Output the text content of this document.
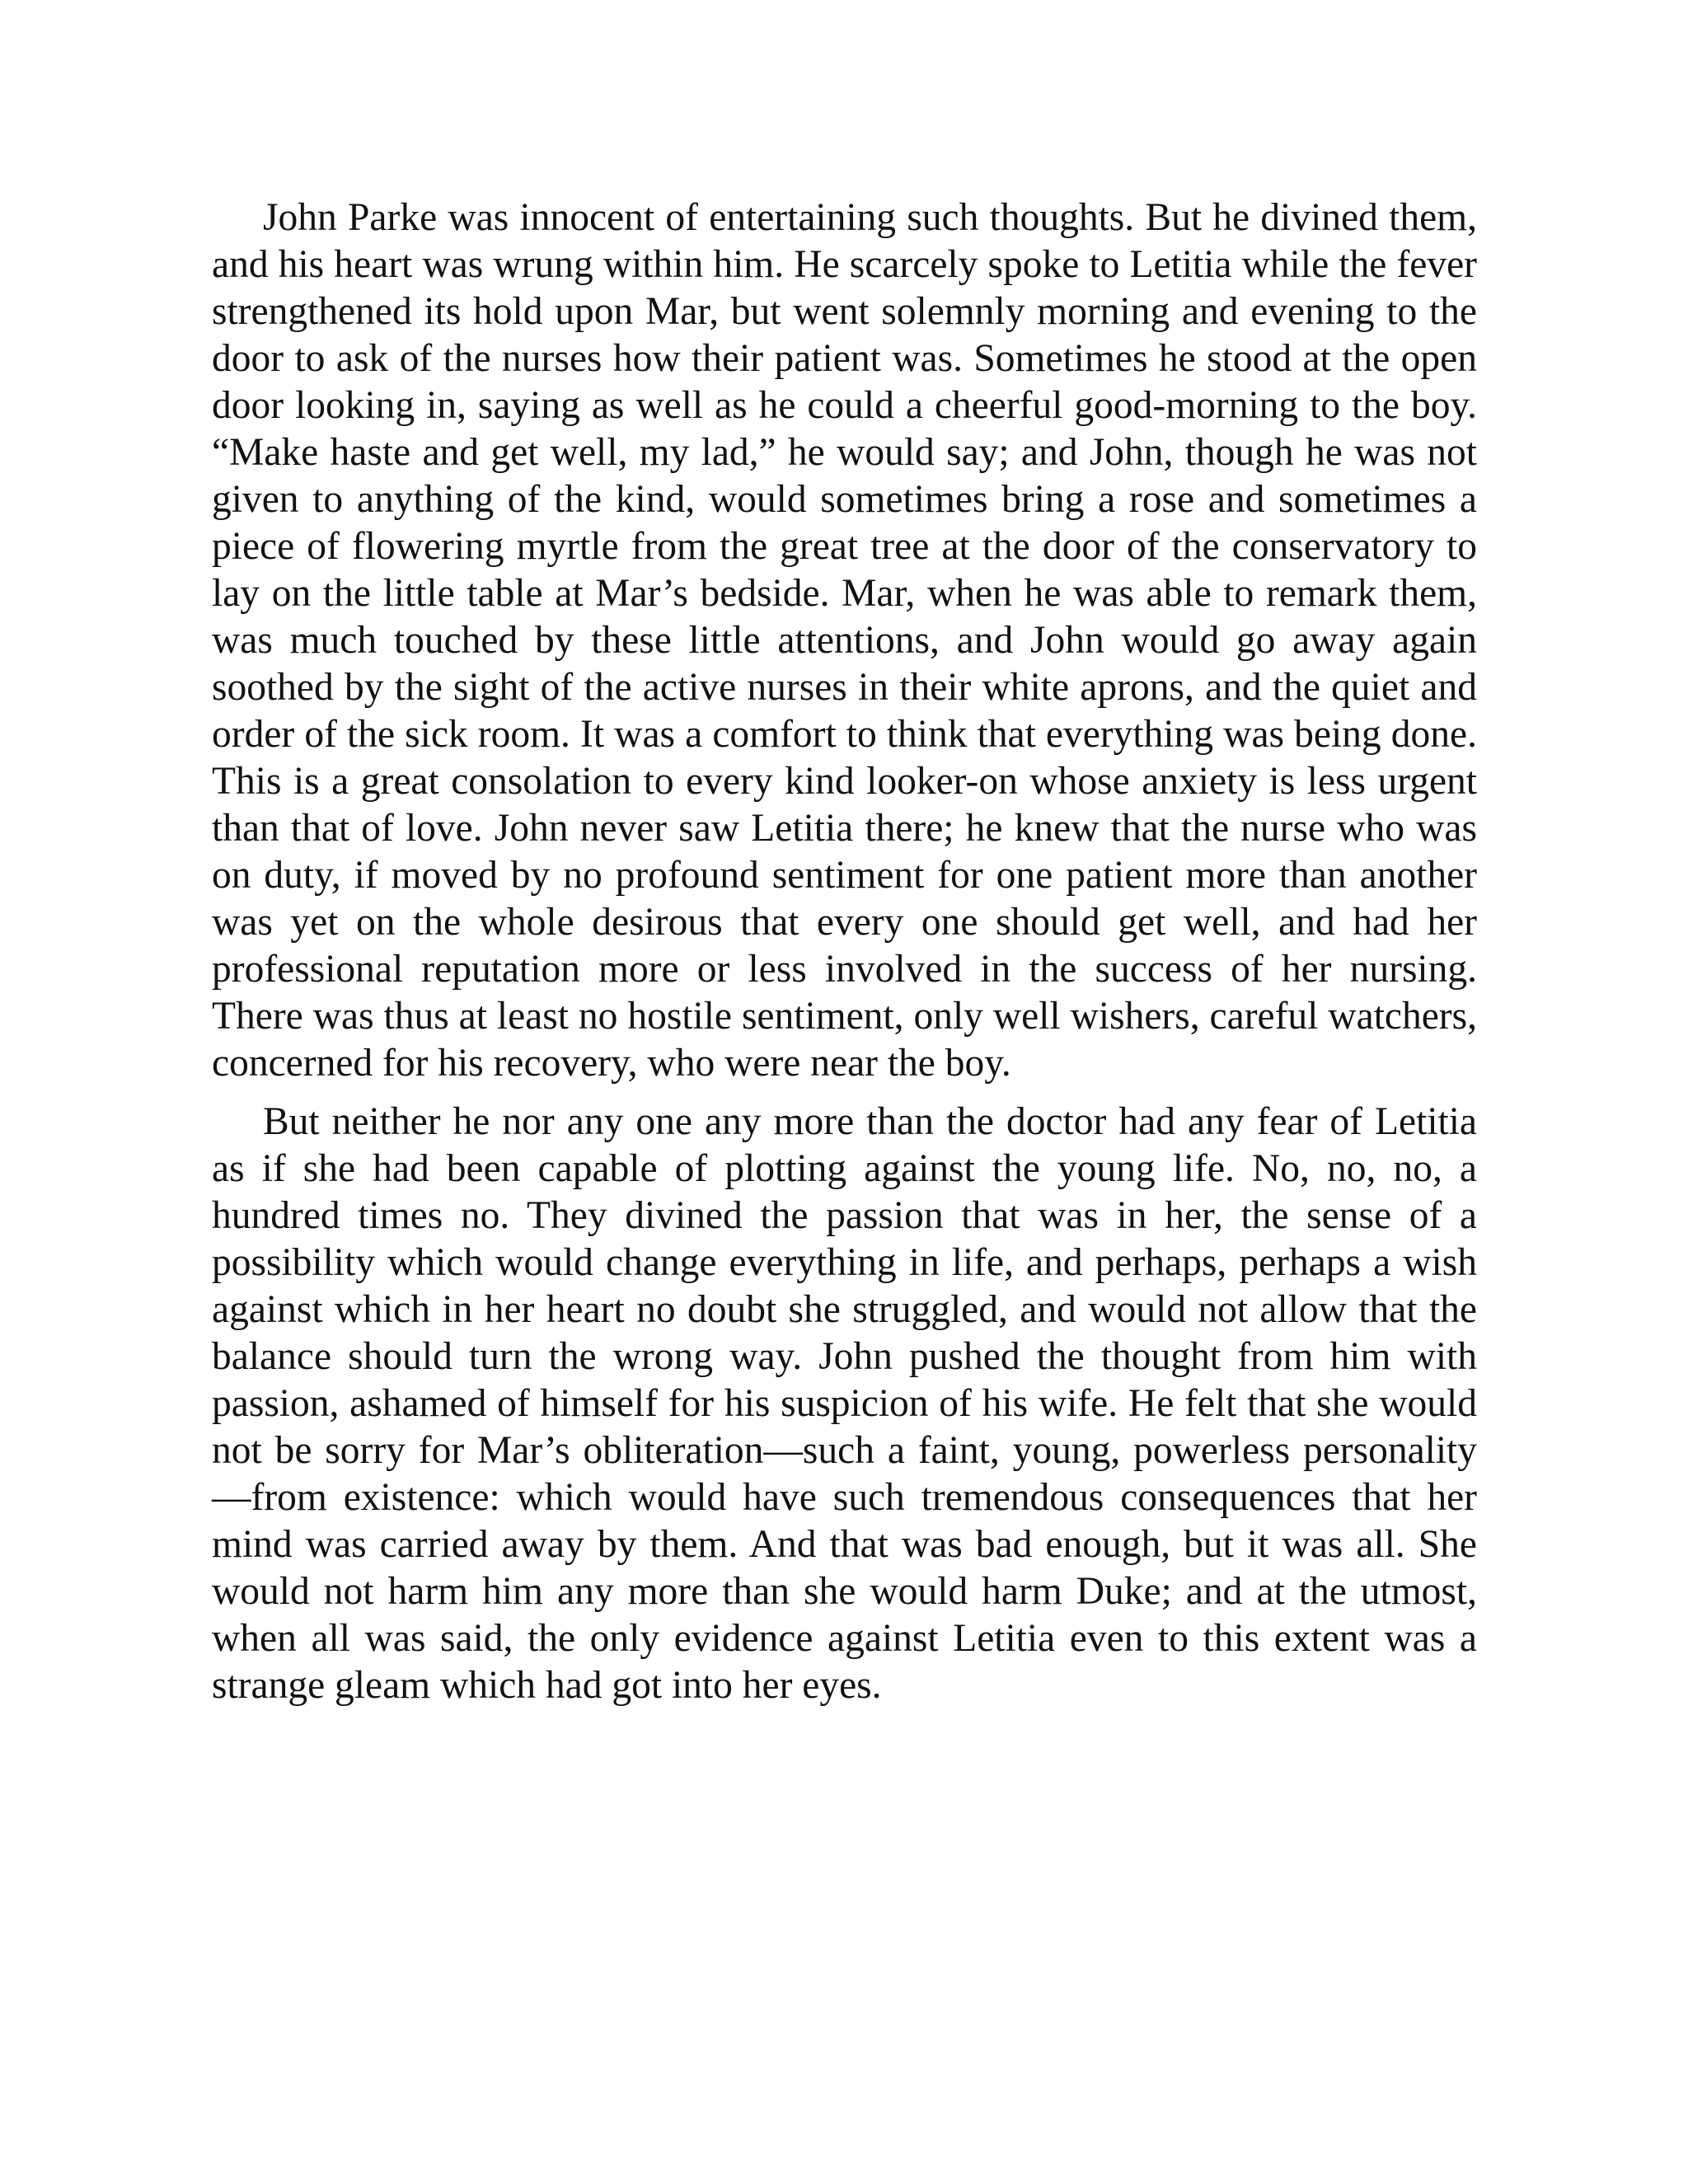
John Parke was innocent of entertaining such thoughts. But he divined them, and his heart was wrung within him. He scarcely spoke to Letitia while the fever strengthened its hold upon Mar, but went solemnly morning and evening to the door to ask of the nurses how their patient was. Sometimes he stood at the open door looking in, saying as well as he could a cheerful good-morning to the boy. “Make haste and get well, my lad,” he would say; and John, though he was not given to anything of the kind, would sometimes bring a rose and sometimes a piece of flowering myrtle from the great tree at the door of the conservatory to lay on the little table at Mar’s bedside. Mar, when he was able to remark them, was much touched by these little attentions, and John would go away again soothed by the sight of the active nurses in their white aprons, and the quiet and order of the sick room. It was a comfort to think that everything was being done. This is a great consolation to every kind looker-on whose anxiety is less urgent than that of love. John never saw Letitia there; he knew that the nurse who was on duty, if moved by no profound sentiment for one patient more than another was yet on the whole desirous that every one should get well, and had her professional reputation more or less involved in the success of her nursing. There was thus at least no hostile sentiment, only well wishers, careful watchers, concerned for his recovery, who were near the boy.

But neither he nor any one any more than the doctor had any fear of Letitia as if she had been capable of plotting against the young life. No, no, no, a hundred times no. They divined the passion that was in her, the sense of a possibility which would change everything in life, and perhaps, perhaps a wish against which in her heart no doubt she struggled, and would not allow that the balance should turn the wrong way. John pushed the thought from him with passion, ashamed of himself for his suspicion of his wife. He felt that she would not be sorry for Mar’s obliteration—such a faint, young, powerless personality—from existence: which would have such tremendous consequences that her mind was carried away by them. And that was bad enough, but it was all. She would not harm him any more than she would harm Duke; and at the utmost, when all was said, the only evidence against Letitia even to this extent was a strange gleam which had got into her eyes.
